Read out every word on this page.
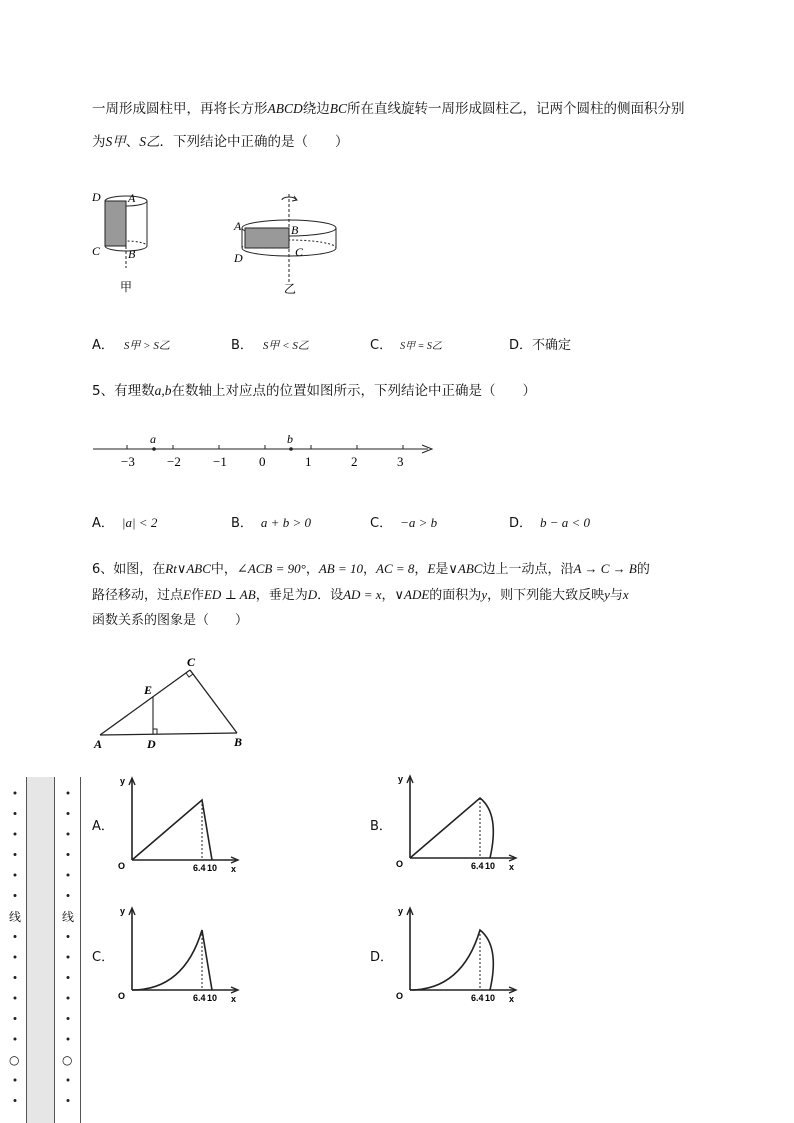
一周形成圆柱甲，再将长方形ABCD绕边BC所在直线旋转一周形成圆柱乙，记两个圆柱的侧面积分别
为S甲、S乙．下列结论中正确的是（　　）
D A
C B
甲
A	B
D	C
乙
A． S甲 > S乙	B． S甲 < S乙	C． S甲 = S乙	D．不确定
5、有理数a,b在数轴上对应点的位置如图所示，下列结论中正确是（　　）
−3 −2 −1 0	1	2	3
a	b
A． |a| < 2	B． a + b > 0	C． −a > b	D． b − a < 0
6、如图，在Rt∨ABC中，∠ACB = 90°，AB = 10，AC = 8，E是∨ABC边上一动点，沿A → C → B的
路径移动，过点E作ED ⊥ AB，垂足为D．设AD = x，∨ADE的面积为y，则下列能大致反映y与x
函数关系的图象是（　　）
C
E
A	D	B
A．	B．
C．	D．
y
x
O	6.4 10
y
x
O	6.4 10
y
x
O	6.4 10
y
x
O	6.4 10
线	线
○	○
